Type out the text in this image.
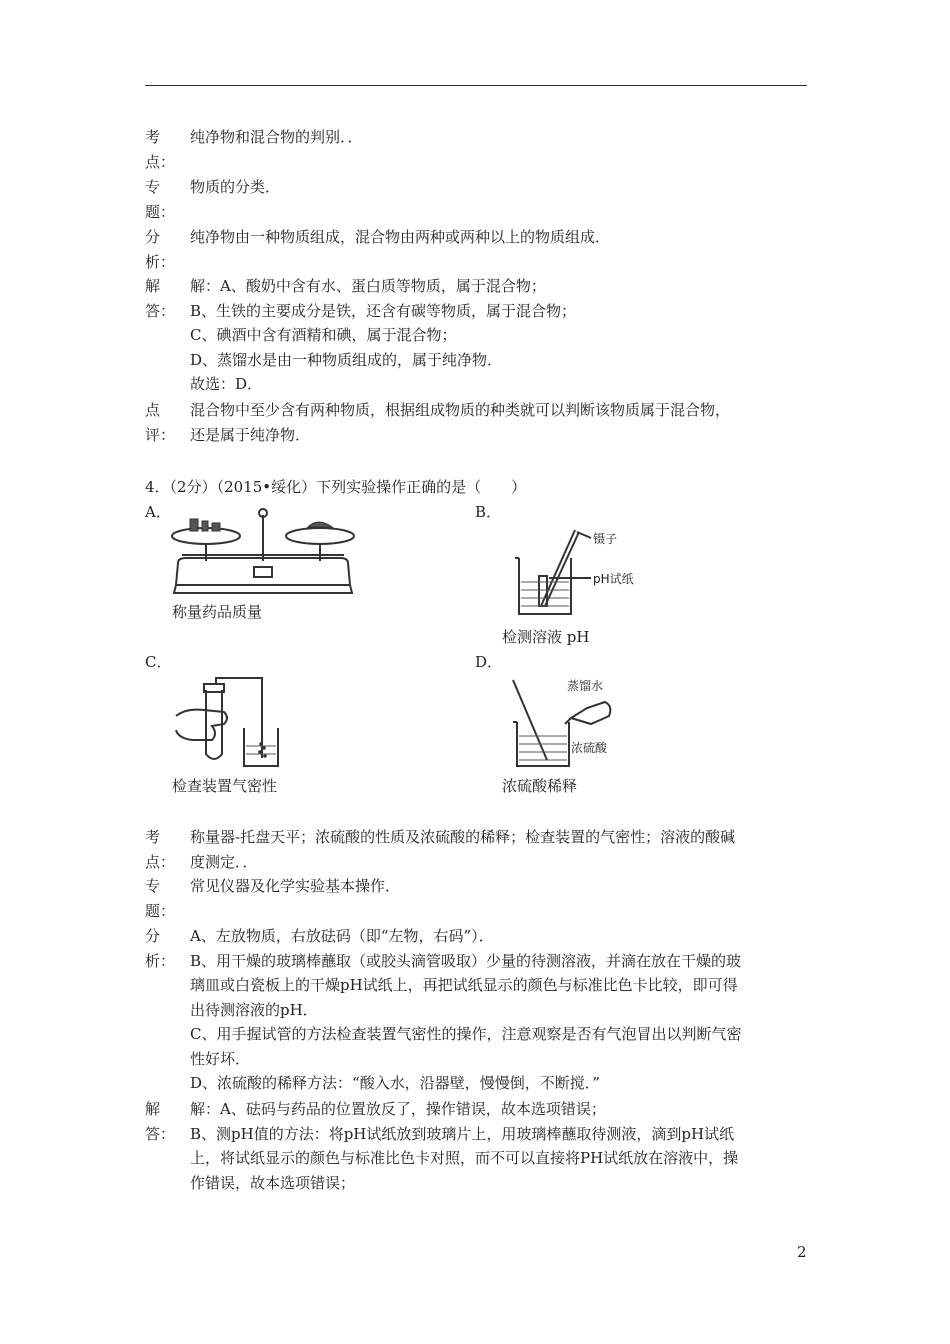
考
点：
纯净物和混合物的判别．．
专
题：
物质的分类．
分
析：
纯净物由一种物质组成，混合物由两种或两种以上的物质组成．
解
答：
解：A、酸奶中含有水、蛋白质等物质，属于混合物；
B、生铁的主要成分是铁，还含有碳等物质，属于混合物；
C、碘酒中含有酒精和碘，属于混合物；
D、蒸馏水是由一种物质组成的，属于纯净物．
故选：D．
点
评：
混合物中至少含有两种物质，根据组成物质的种类就可以判断该物质属于混合物，
还是属于纯净物．
4．（2分）（2015•绥化）下列实验操作正确的是（　　）
A．	B．
称量药品质量
镊子
pH试纸
检测溶液 pH
C．	D．
检查装置气密性
蒸馏水
浓硫酸
浓硫酸稀释
考
点：
称量器-托盘天平；浓硫酸的性质及浓硫酸的稀释；检查装置的气密性；溶液的酸碱
度测定．．
专
题：
常见仪器及化学实验基本操作．
分
析：
A、左放物质，右放砝码（即“左物，右码”）．
B、用干燥的玻璃棒蘸取（或胶头滴管吸取）少量的待测溶液，并滴在放在干燥的玻
璃皿或白瓷板上的干燥pH试纸上，再把试纸显示的颜色与标准比色卡比较，即可得
出待测溶液的pH．
C、用手握试管的方法检查装置气密性的操作，注意观察是否有气泡冒出以判断气密
性好坏．
D、浓硫酸的稀释方法：“酸入水，沿器壁，慢慢倒，不断搅．”
解
答：
解：A、砝码与药品的位置放反了，操作错误，故本选项错误；
B、测pH值的方法：将pH试纸放到玻璃片上，用玻璃棒蘸取待测液，滴到pH试纸
上，将试纸显示的颜色与标准比色卡对照，而不可以直接将PH试纸放在溶液中，操
作错误，故本选项错误；
2
